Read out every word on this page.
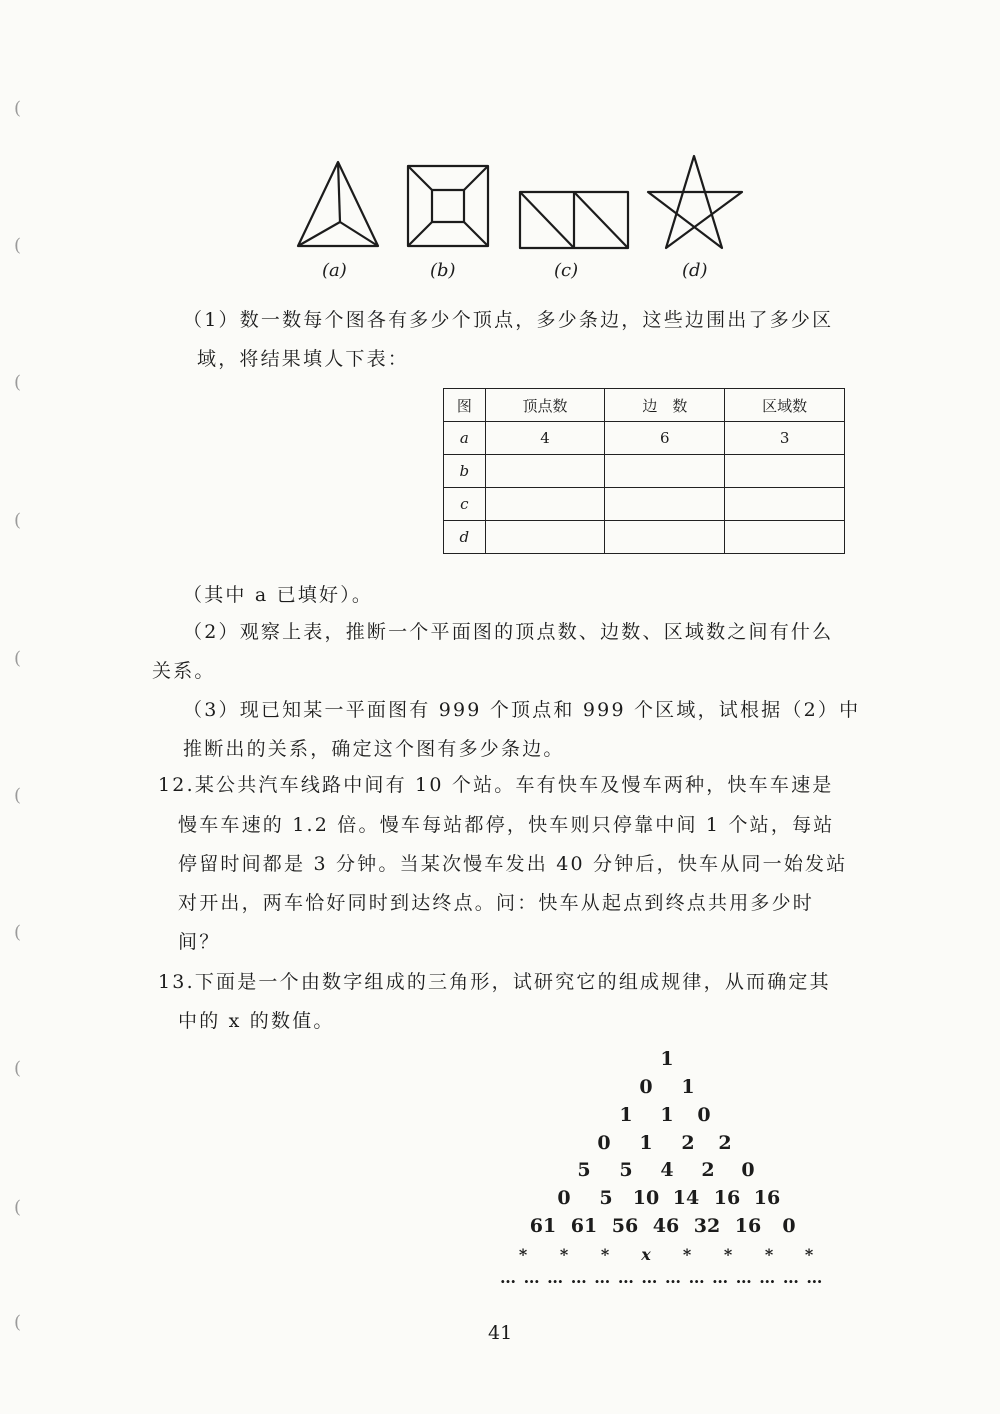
(
(
(
(
(
(
(
(
(
(
(a)	(b)	(c)	(d)
（1）数一数每个图各有多少个顶点，多少条边，这些边围出了多少区
域，将结果填人下表：
图	顶点数	边　数	区域数
a	4	6	3
b			
c			
d			
（其中 a 已填好）。
（2）观察上表，推断一个平面图的顶点数、边数、区域数之间有什么
关系。
（3）现已知某一平面图有 999 个顶点和 999 个区域，试根据（2）中
推断出的关系，确定这个图有多少条边。
12.某公共汽车线路中间有 10 个站。车有快车及慢车两种，快车车速是
慢车车速的 1.2 倍。慢车每站都停，快车则只停靠中间 1 个站，每站
停留时间都是 3 分钟。当某次慢车发出 40 分钟后，快车从同一始发站
对开出，两车恰好同时到达终点。问：快车从起点到终点共用多少时
间？
13.下面是一个由数字组成的三角形，试研究它的组成规律，从而确定其
中的 x 的数值。
1
0 1
1 1 0
0 1 2 2
5 5 4 2 0
0 5 10 14 16 16
61 61 56 46 32 16 0
* * * x * * * *
… … … … … … … … … … … … … …
41
